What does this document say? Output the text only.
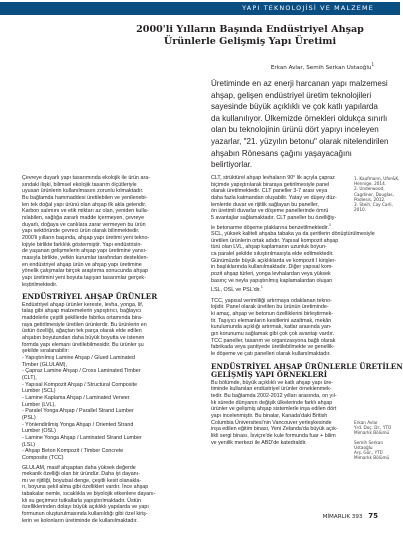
YAPI TEKNOLOJİSİ VE MALZEME
2000'li Yılların Başında Endüstriyel Ahşap
Ürünlerle Gelişmiş Yapı Üretimi
Erkan Avlar, Semih Serkan Ustaoğlu$^1$
Üretiminde en az enerji harcanan yapı malzemesi
ahşap, gelişen endüstriyel üretim teknolojileri
sayesinde büyük açıklıklı ve çok katlı yapılarda
da kullanılıyor. Ülkemizde örnekleri oldukça sınırlı
olan bu teknolojinin ürünü dört yapıyı inceleyen
yazarlar, "21. yüzyılın betonu" olarak nitelendirilen
ahşabın Rönesans çağını yaşayacağını
belirtiyorlar.
Çevreye duyarlı yapı tasarımında ekolojik ile ürün ara-
sındaki ilişki, bilimsel ekolojik tasarım ölçütleriyle
uyusan ürünlerin kullanılmasını zorunlu kılmaktadır.
Bu bağlamda hammaddesi üretilebilen ve yenilenebi-
len tek doğal yapı ürünü olan ahşap ilk akla gelendir.
Karbon salımını ve etik miktarı az olan, yeniden kulla-
nılabilen, sağlığa zararlı madde içermeyen, çevreye
duyarlı, doğaya ve canlılara zarar vermeyen bu ürün
yapı sektöründe çevreci ürün olarak bilinmektedir.
2000'li yılların başında, ahşap yapı üretimi yeni tekno-
lojiyle birlikte farklılık göstermiştir. Yapı endüstrisin-
de yaşanan gelişmelerin ahşap yapı üretimine yansı-
masıyla birlikte, yetkin kurumlar tarafından desteklen-
en endüstriyel ahşap ürün ve ahşap yapı üretimine
yönelik çalışmalar birçok araştırma sonucunda ahşap
yapı üretimini yeni boyuta taşıyan tasarımlar gerçek-
leştirilmektedir.
ENDÜSTRİYEL AHŞAP ÜRÜNLER
Endüstriyel ahşap ürünler kereste, levha, yonga, lif,
talaş gibi ahşap malzemelerin yapıştırıcı, bağlayıcı
maddelerle çeşitli şekillerde fabrika ortamında bira-
raya getirilmesiyle üretilen ürünlerdir. Bu ürünlerin en
üstün özelliği, ağaçtan tek parça olarak elde edilen
ahşabın boyutundan daha büyük boyutta ve istenen
formda yapı elemanı üretilebilmesidir. Bu ürünler şu
şekilde sıralanabilir:
- Yapıştırılmış Lamine Ahşap / Glued Laminated
Timber (GLULAM),
- Çapraz Lamine Ahşap / Cross Laminated Timber
(CLT),
- Yapısal Kompozit Ahşap / Structural Composite
Lumber (SCL)
- Lamine Kaplama Ahşap / Laminated Veneer
Lumber (LVL),
- Paralel Yonga Ahşap / Parallel Strand Lumber
(PSL)
- Yönlendirilmiş Yonga Ahşap / Oriented Strand
Lumber (OSL)
- Lamine Yonga Ahşap / Laminated Strand Lumber
(LSL)
- Ahşap Beton Kompozit / Timber Concrete
Composite (TCC)
GLULAM, masif ahşaptan daha yüksek değerde
mekanik özelliği olan bir üründür. Daha iyi dayanı-
mı ve rijitliği, boyutsal denge, çeşitli kesit olanakla-
rı, boyuna şekil alma gibi özellikleri vardır. İnce ahşap
tabakalar nemle, sıcaklıkla ve biyolojik etkenlere dayanı-
klı su geçirmez tutkallarla yapıştırılmaktadır. Üstün
özelliklerinden dolayı büyük açıklıklı yapılarda ve yapı
formunun oluşturulmasında kullanıldığı gibi özel kiriş-
lerin ve kolonların üretiminde de kullanılmaktadır.
CLT, strüktürel ahşap levhaların 90° lik açıyla çapraz
biçimde yapıştırılarak biraraya getirilmesiyle panel
olarak üretilmektedir. CLT paneller 3-7 arası veya
daha fazla katmandan oluşabilir. Yatay ve düşey düz-
lemlerde duvar ve rijitlik sağlayan bu paneller,
ön üretimli duvarlar ve döşeme panellerinde ömrü
5 avantajlar sağlamaktadır. CLT paneller bu özelliğiy-
le betonarme döşeme plaklarına benzetilmektedir.$^1$
SCL, yüksek kaliteli ahşaba tabaka ya da şeritlerin dönüştürülmesiyle
üretilen ürünlerin ortak adıdır. Yapısal kompozit ahşap
türü olan LVL, ahşap kaplamanın uzunluk boyun-
ca paralel şekilde sıkıştırılmasıyla elde edilmektedir.
Günümüzde büyük açıklıklarda ve kompozit I kirişler-
in başlıklarında kullanılmaktadır. Diğer yapısal kom-
pozit ahşap türleri, yonga levhalardan veya yüksek
basınç ve neyla yapıştırılmış kaplamalardan oluşan
LSL, OSL ve PSL'dir.$^1$
TCC, yapısal verimliliği artırmaya odaklanan tekno-
lojidir. Panel olarak üretilen bu ürünün üretiminde-
ki amaç, ahşap ve betonun özelliklerini birleştirmek-
tir. Taşıyıcı elemanların kesitlerini azaltmak, mekân
kurulumunda açıklığı artırmak, katlar arasında yan-
gın korunumu sağlamak gibi çok çok avantajı vardır.
TCC paneller, tasarım ve organizasyona bağlı olarak
fabrikada veya şantiyede üretilebilmekte ve genellik-
le döşeme ve çatı panelleri olarak kullanılmaktadır.
ENDÜSTRİYEL AHŞAP ÜRÜNLERLE ÜRETİLEN
GELİŞMİŞ YAPI ÖRNEKLERİ
Bu bölümde, büyük açıklıklı ve katlı ahşap yapı üre-
timinde kullanılan endüstriyel ürünler örneklenmek-
tedir. Bu bağlamda 2002-2012 yılları arasında, on yıl-
lık sürede dünyanın değişik ülkelerinde farklı ahşap
ürünler ve gelişmiş ahşap sistemlerle inşa edilen dört
yapı incelenmiştir. Bu binalar, Kanada'daki British
Columbia Üniversitesi'nin Vancouver yerleşkesinde
inşa edilen eğitim binası, Yeni Zelanda'da büyük açık-
likli sergi binası, İsviçre'de kule formunda fuar + bilim
ve yenilik merkezi ile ABD'de katedraldir.
1. Kaufmann, Ufer&K,
Hennige, 2014.
2. Underwood,
Cagdiner, Douglas,
Podiesis, 2012.
3. Steih, Cay Carli,
2010.
Erkan Avlar
Yrd. Doç. Dr., YTÜ
Mimarlık Bölümü
Semih Serkan
Ustaoğlu
Arş. Gör., YTÜ
Mimarlık Bölümü
MİMARLIK 393 75
